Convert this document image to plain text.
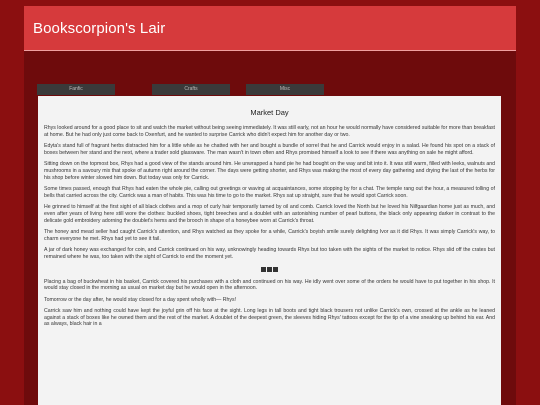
Bookscorpion's Lair
Fanfic	Crafts	Misc
Market Day

Rhys looked around for a good place to sit and watch the market without being seeing immediately. It was still early, not an hour he would normally have considered suitable for more than breakfast at home. But he had only just come back to Oxenfurt, and he wanted to surprise Carrick who didn't expect him for another day or two.

Edyta's stand full of fragrant herbs distracted him for a little while as he chatted with her and bought a bundle of sorrel that he and Carrick would enjoy in a salad. He found his spot on a stack of boxes between her stand and the next, where a trader sold glassware. The man wasn't in town often and Rhys promised himself a look to see if there was anything on sale he might afford.

Sitting down on the topmost box, Rhys had a good view of the stands around him. He unwrapped a hand pie he had bought on the way and bit into it. It was still warm, filled with leeks, walnuts and mushrooms in a savoury mix that spoke of autumn right around the corner. The days were getting shorter, and Rhys was making the most of every day gathering and drying the last of the herbs for his shop before winter slowed him down. But today was only for Carrick.

Some times passed, enough that Rhys had eaten the whole pie, calling out greetings or waving at acquaintances, some stopping by for a chat. The temple rang out the hour, a measured tolling of bells that carried across the city. Carrick was a man of habits. This was his time to go to the market. Rhys sat up straight, sure that he would spot Carrick soon.

He grinned to himself at the first sight of all black clothes and a mop of curly hair temporarily tamed by oil and comb. Carrick loved the North but he loved his Nilfgaardian home just as much, and even after years of living here still wore the clothes: buckled shoes, tight breeches and a doublet with an astonishing number of pearl buttons, the black only appearing darker in contrast to the delicate gold embroidery adorning the doublet's hems and the brooch in shape of a honeybee worn at Carrick's throat.

The honey and mead seller had caught Carrick's attention, and Rhys watched as they spoke for a while, Carrick's boyish smile surely delighting Ivor as it did Rhys. It was simply Carrick's way, to charm everyone he met. Rhys had yet to see it fail.

A jar of dark honey was exchanged for coin, and Carrick continued on his way, unknowingly heading towards Rhys but too taken with the sights of the market to notice. Rhys slid off the crates but remained where he was, too taken with the sight of Carrick to end the moment yet.

Placing a bag of buckwheat in his basket, Carrick covered his purchases with a cloth and continued on his way. He idly went over some of the orders he would have to put together in his shop. It would stay closed in the morning as usual on market day but he would open in the afternoon.

Tomorrow or the day after, he would stay closed for a day spent wholly with— Rhys!

Carrick saw him and nothing could have kept the joyful grin off his face at the sight. Long legs in tall boots and tight black trousers not unlike Carrick's own, crossed at the ankle as he leaned against a stack of boxes like he owned them and the rest of the market. A doublet of the deepest green, the sleeves hiding Rhys' tattoos except for the tip of a vine sneaking up behind his ear. And as always, black hair in a
